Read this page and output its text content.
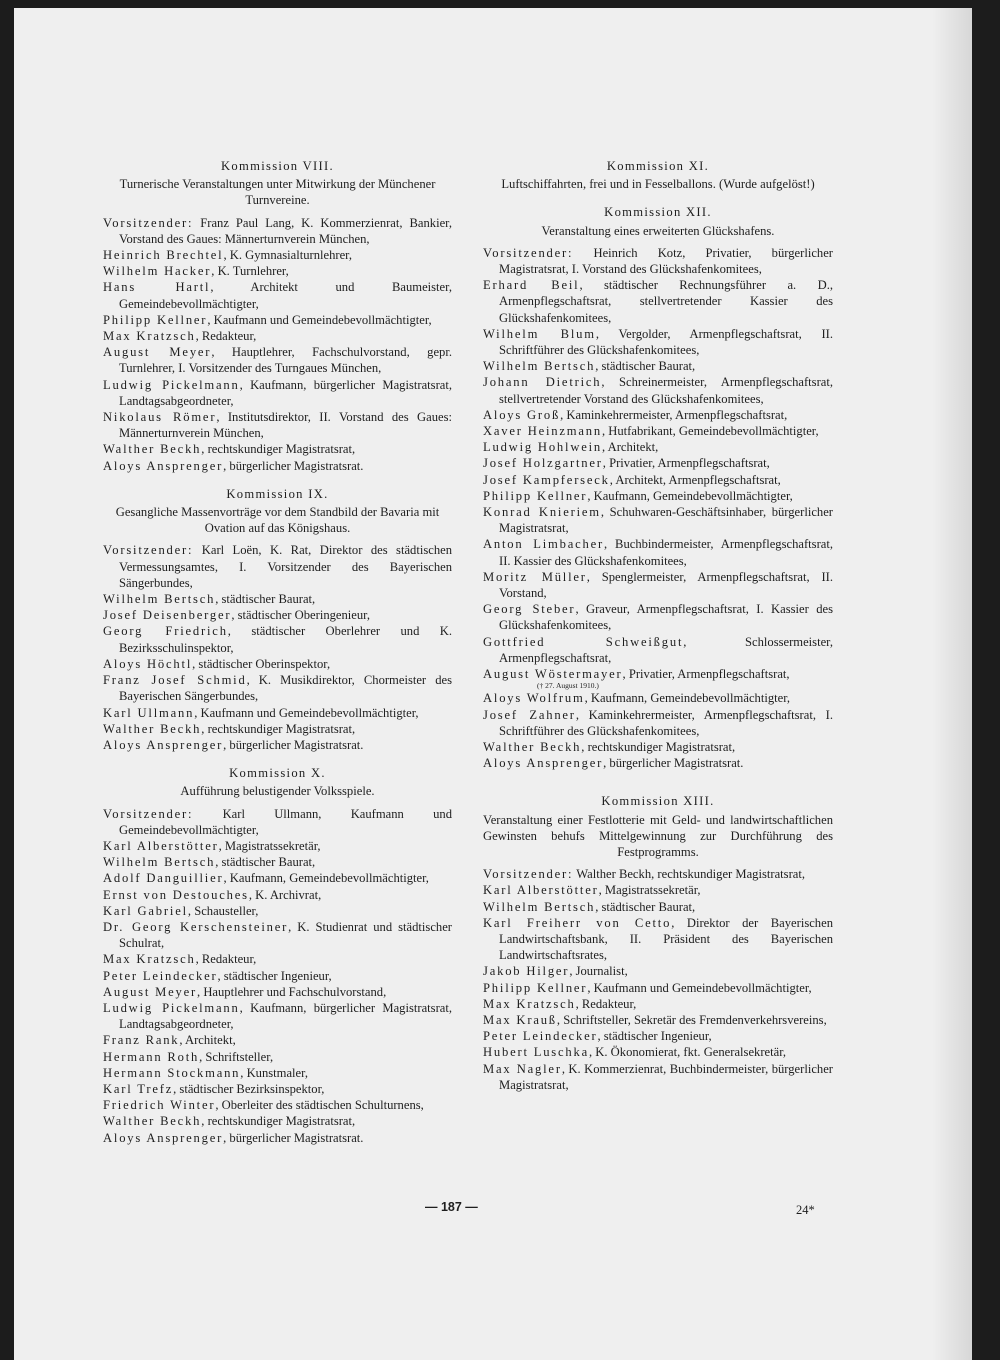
Kommission VIII.
Turnerische Veranstaltungen unter Mitwirkung der Münchener Turnvereine.
Vorsitzender: Franz Paul Lang, K. Kommerzienrat, Bankier, Vorstand des Gaues: Männerturnverein München,
Heinrich Brechtel, K. Gymnasialturnlehrer,
Wilhelm Hacker, K. Turnlehrer,
Hans Hartl, Architekt und Baumeister, Gemeindebevollmächtigter,
Philipp Kellner, Kaufmann und Gemeindebevollmächtigter,
Max Kratzsch, Redakteur,
August Meyer, Hauptlehrer, Fachschulvorstand, gepr. Turnlehrer, I. Vorsitzender des Turngaues München,
Ludwig Pickelmann, Kaufmann, bürgerlicher Magistratsrat, Landtagsabgeordneter,
Nikolaus Römer, Institutsdirektor, II. Vorstand des Gaues: Männerturnverein München,
Walther Beckh, rechtskundiger Magistratsrat,
Aloys Ansprenger, bürgerlicher Magistratsrat.
Kommission IX.
Gesangliche Massenvorträge vor dem Standbild der Bavaria mit Ovation auf das Königshaus.
Vorsitzender: Karl Loën, K. Rat, Direktor des städtischen Vermessungsamtes, I. Vorsitzender des Bayerischen Sängerbundes,
Wilhelm Bertsch, städtischer Baurat,
Josef Deisenberger, städtischer Oberingenieur,
Georg Friedrich, städtischer Oberlehrer und K. Bezirksschulinspektor,
Aloys Höchtl, städtischer Oberinspektor,
Franz Josef Schmid, K. Musikdirektor, Chormeister des Bayerischen Sängerbundes,
Karl Ullmann, Kaufmann und Gemeindebevollmächtigter,
Walther Beckh, rechtskundiger Magistratsrat,
Aloys Ansprenger, bürgerlicher Magistratsrat.
Kommission X.
Aufführung belustigender Volksspiele.
Vorsitzender: Karl Ullmann, Kaufmann und Gemeindebevollmächtigter,
Karl Alberstötter, Magistratssekretär,
Wilhelm Bertsch, städtischer Baurat,
Adolf Danguillier, Kaufmann, Gemeindebevollmächtigter,
Ernst von Destouches, K. Archivrat,
Karl Gabriel, Schausteller,
Dr. Georg Kerschensteiner, K. Studienrat und städtischer Schulrat,
Max Kratzsch, Redakteur,
Peter Leindecker, städtischer Ingenieur,
August Meyer, Hauptlehrer und Fachschulvorstand,
Ludwig Pickelmann, Kaufmann, bürgerlicher Magistratsrat, Landtagsabgeordneter,
Franz Rank, Architekt,
Hermann Roth, Schriftsteller,
Hermann Stockmann, Kunstmaler,
Karl Trefz, städtischer Bezirksinspektor,
Friedrich Winter, Oberleiter des städtischen Schulturnens,
Walther Beckh, rechtskundiger Magistratsrat,
Aloys Ansprenger, bürgerlicher Magistratsrat.
Kommission XI.
Luftschiffahrten, frei und in Fesselballons. (Wurde aufgelöst!)
Kommission XII.
Veranstaltung eines erweiterten Glückshafens.
Vorsitzender: Heinrich Kotz, Privatier, bürgerlicher Magistratsrat, I. Vorstand des Glückshafenkomitees,
Erhard Beil, städtischer Rechnungsführer a. D., Armenpflegschaftsrat, stellvertretender Kassier des Glückshafenkomitees,
Wilhelm Blum, Vergolder, Armenpflegschaftsrat, II. Schriftführer des Glückshafenkomitees,
Wilhelm Bertsch, städtischer Baurat,
Johann Dietrich, Schreinermeister, Armenpflegschaftsrat, stellvertretender Vorstand des Glückshafenkomitees,
Aloys Groß, Kaminkehrermeister, Armenpflegschaftsrat,
Xaver Heinzmann, Hutfabrikant, Gemeindebevollmächtigter,
Ludwig Hohlwein, Architekt,
Josef Holzgartner, Privatier, Armenpflegschaftsrat,
Josef Kampferseck, Architekt, Armenpflegschaftsrat,
Philipp Kellner, Kaufmann, Gemeindebevollmächtigter,
Konrad Knieriem, Schuhwaren-Geschäftsinhaber, bürgerlicher Magistratsrat,
Anton Limbacher, Buchbindermeister, Armenpflegschaftsrat, II. Kassier des Glückshafenkomitees,
Moritz Müller, Spenglermeister, Armenpflegschaftsrat, II. Vorstand,
Georg Steber, Graveur, Armenpflegschaftsrat, I. Kassier des Glückshafenkomitees,
Gottfried Schweißgut, Schlossermeister, Armenpflegschaftsrat,
August Wöstermayer, Privatier, Armenpflegschaftsrat,
(† 27. August 1910.)
Aloys Wolfrum, Kaufmann, Gemeindebevollmächtigter,
Josef Zahner, Kaminkehrermeister, Armenpflegschaftsrat, I. Schriftführer des Glückshafenkomitees,
Walther Beckh, rechtskundiger Magistratsrat,
Aloys Ansprenger, bürgerlicher Magistratsrat.
Kommission XIII.
Veranstaltung einer Festlotterie mit Geld- und landwirtschaftlichen Gewinsten behufs Mittelgewinnung zur Durchführung des Festprogramms.
Vorsitzender: Walther Beckh, rechtskundiger Magistratsrat,
Karl Alberstötter, Magistratssekretär,
Wilhelm Bertsch, städtischer Baurat,
Karl Freiherr von Cetto, Direktor der Bayerischen Landwirtschaftsbank, II. Präsident des Bayerischen Landwirtschaftsrates,
Jakob Hilger, Journalist,
Philipp Kellner, Kaufmann und Gemeindebevollmächtigter,
Max Kratzsch, Redakteur,
Max Krauß, Schriftsteller, Sekretär des Fremdenverkehrsvereins,
Peter Leindecker, städtischer Ingenieur,
Hubert Luschka, K. Ökonomierat, fkt. Generalsekretär,
Max Nagler, K. Kommerzienrat, Buchbindermeister, bürgerlicher Magistratsrat,
— 187 —	24*
